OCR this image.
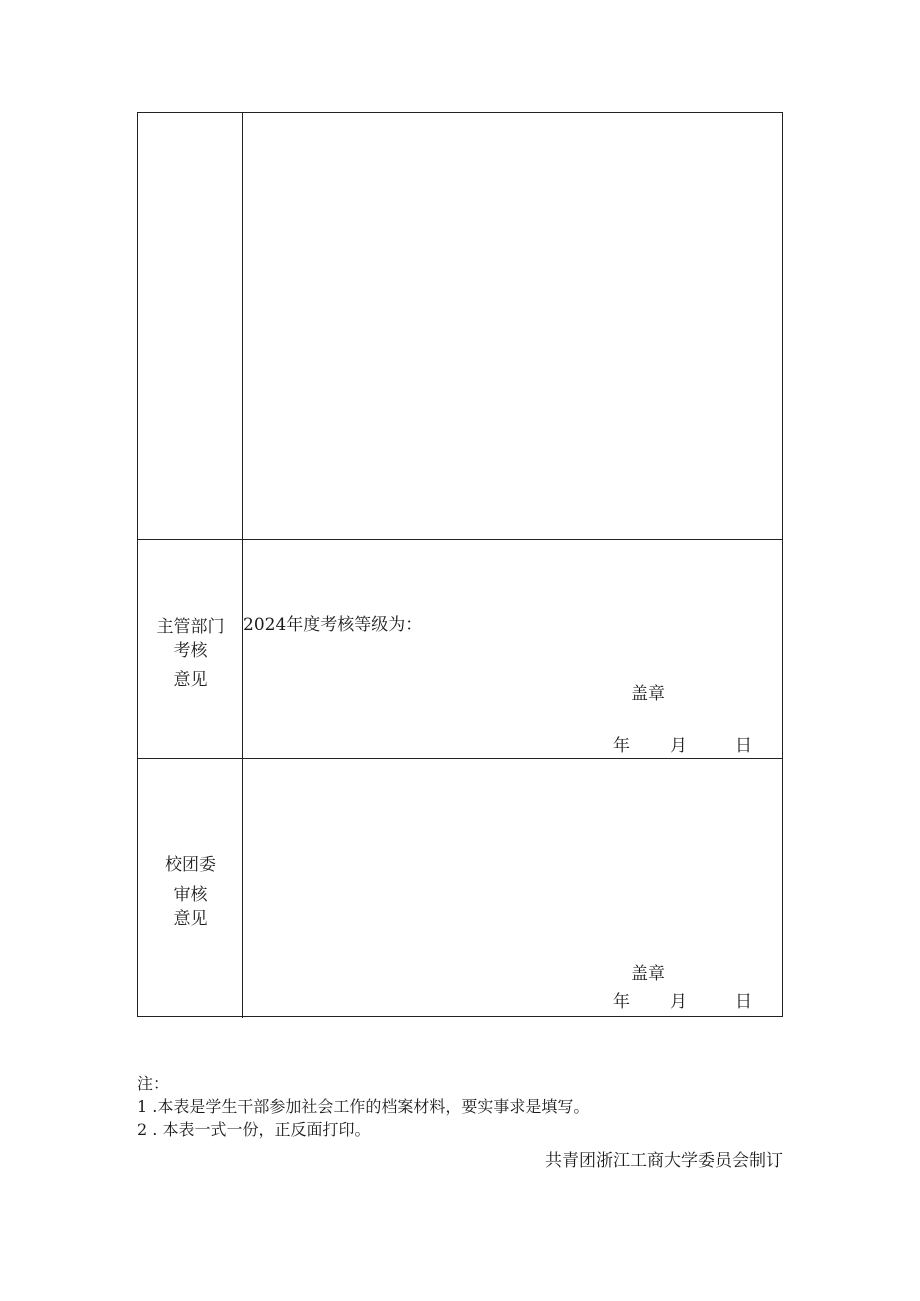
主管部门
考核
意见
2024年度考核等级为：
盖章
年 月	日
校团委
审核
意见
盖章
年 月	日
注：
1 .本表是学生干部参加社会工作的档案材料，要实事求是填写。
2 . 本表一式一份，正反面打印。
共青团浙江工商大学委员会制订
